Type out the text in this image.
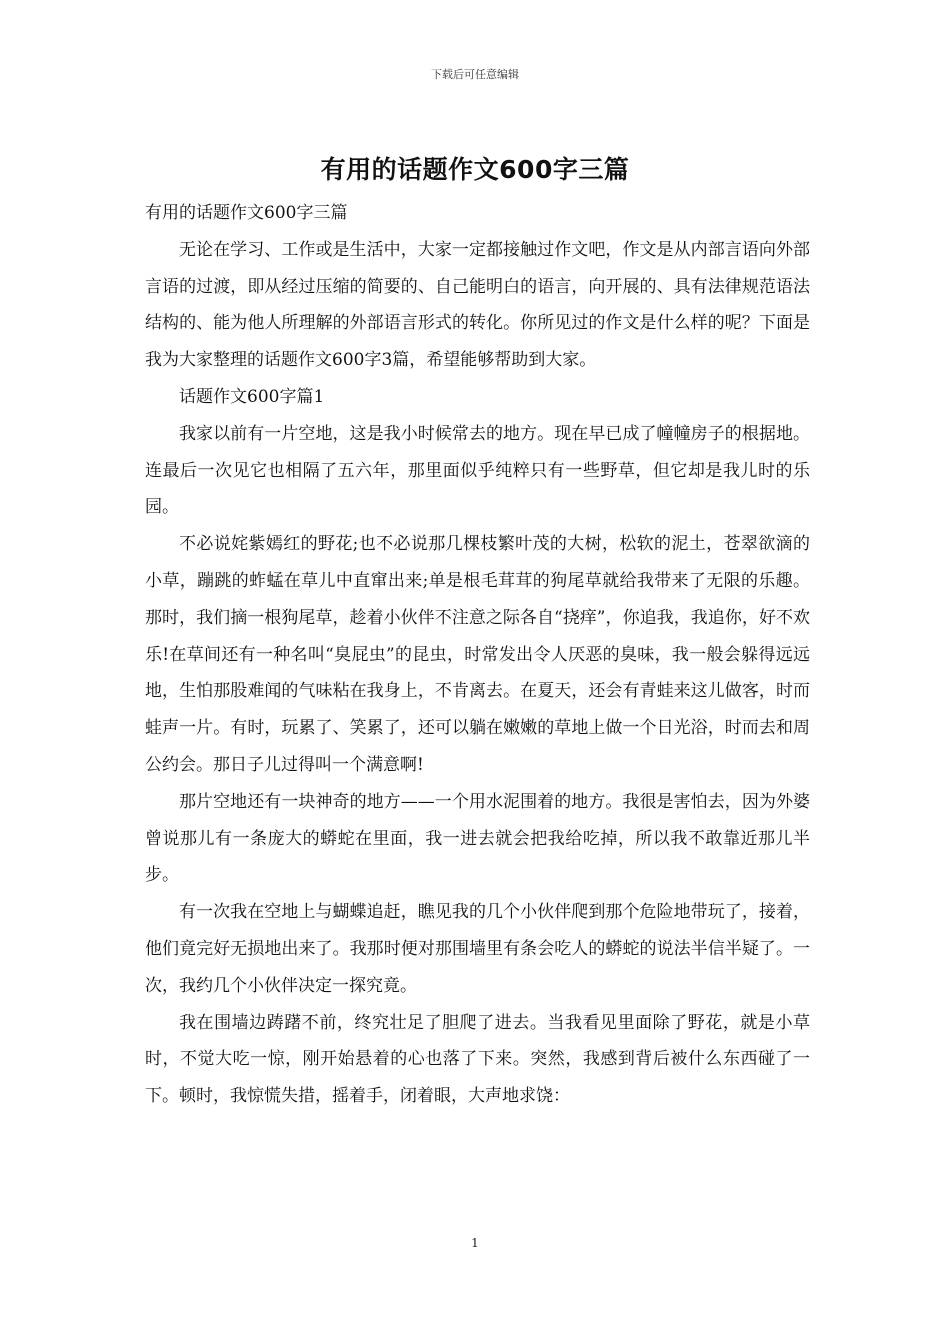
下载后可任意编辑
有用的话题作文600字三篇

有用的话题作文600字三篇

无论在学习、工作或是生活中，大家一定都接触过作文吧，作文是从内部言语向外部言语的过渡，即从经过压缩的简要的、自己能明白的语言，向开展的、具有法律规范语法结构的、能为他人所理解的外部语言形式的转化。你所见过的作文是什么样的呢？下面是我为大家整理的话题作文600字3篇，希望能够帮助到大家。

话题作文600字篇1

我家以前有一片空地，这是我小时候常去的地方。现在早已成了幢幢房子的根据地。连最后一次见它也相隔了五六年，那里面似乎纯粹只有一些野草，但它却是我儿时的乐园。

不必说姹紫嫣红的野花;也不必说那几棵枝繁叶茂的大树，松软的泥土，苍翠欲滴的小草，蹦跳的蚱蜢在草儿中直窜出来;单是根毛茸茸的狗尾草就给我带来了无限的乐趣。那时，我们摘一根狗尾草，趁着小伙伴不注意之际各自“挠痒”，你追我，我追你，好不欢乐!在草间还有一种名叫“臭屁虫”的昆虫，时常发出令人厌恶的臭味，我一般会躲得远远地，生怕那股难闻的气味粘在我身上，不肯离去。在夏天，还会有青蛙来这儿做客，时而蛙声一片。有时，玩累了、笑累了，还可以躺在嫩嫩的草地上做一个日光浴，时而去和周公约会。那日子儿过得叫一个满意啊!

那片空地还有一块神奇的地方——一个用水泥围着的地方。我很是害怕去，因为外婆曾说那儿有一条庞大的蟒蛇在里面，我一进去就会把我给吃掉，所以我不敢靠近那儿半步。

有一次我在空地上与蝴蝶追赶，瞧见我的几个小伙伴爬到那个危险地带玩了，接着，他们竟完好无损地出来了。我那时便对那围墙里有条会吃人的蟒蛇的说法半信半疑了。一次，我约几个小伙伴决定一探究竟。

我在围墙边踌躇不前，终究壮足了胆爬了进去。当我看见里面除了野花，就是小草时，不觉大吃一惊，刚开始悬着的心也落了下来。突然，我感到背后被什么东西碰了一下。顿时，我惊慌失措，摇着手，闭着眼，大声地求饶：

1
